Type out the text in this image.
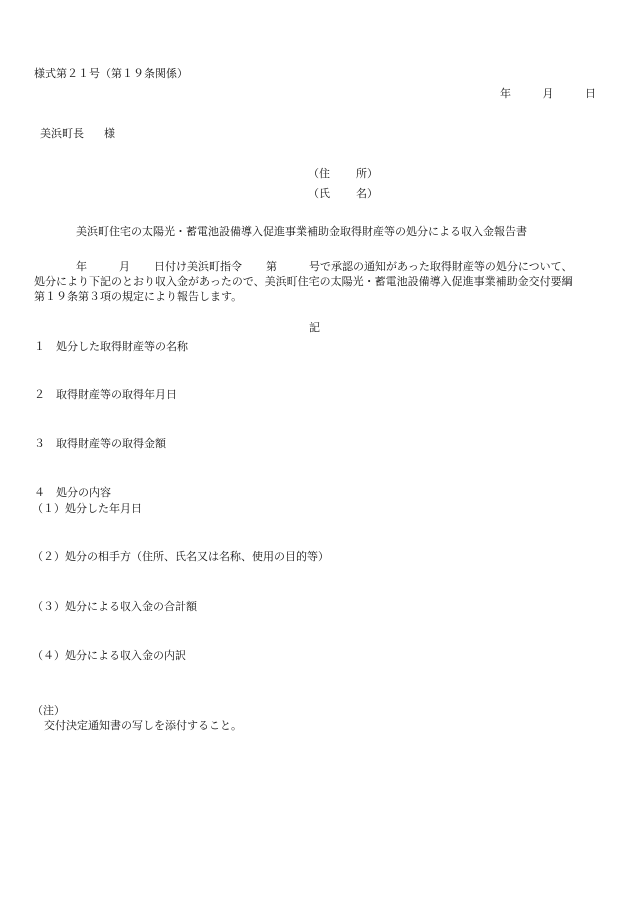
様式第２１号（第１９条関係）
年	月	日
美浜町長 様
（住 所）
（氏 名）
美浜町住宅の太陽光・蓄電池設備導入促進事業補助金取得財産等の処分による収入金報告書
年	月 日付け美浜町指令 第	号で承認の通知があった取得財産等の処分について、
処分により下記のとおり収入金があったので、美浜町住宅の太陽光・蓄電池設備導入促進事業補助金交付要綱
第１９条第３項の規定により報告します。
記
１　処分した取得財産等の名称
２　取得財産等の取得年月日
３　取得財産等の取得金額
４　処分の内容
（１）処分した年月日
（２）処分の相手方（住所、氏名又は名称、使用の目的等）
（３）処分による収入金の合計額
（４）処分による収入金の内訳
（注）
交付決定通知書の写しを添付すること。
